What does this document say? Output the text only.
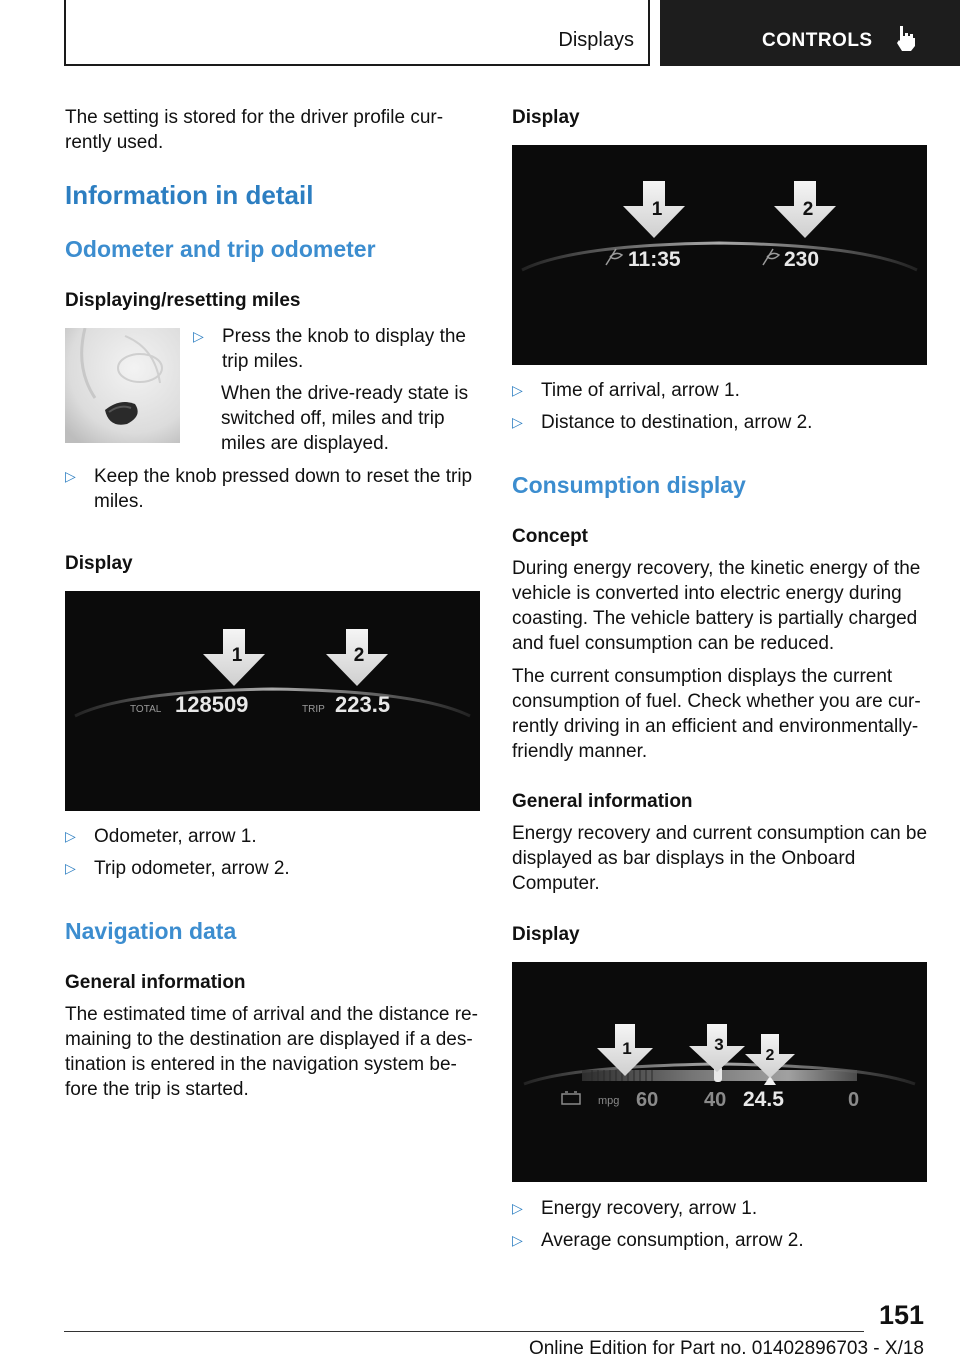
Displays	CONTROLS
The setting is stored for the driver profile cur-rently used.
Information in detail
Odometer and trip odometer
Displaying/resetting miles
▷ Press the knob to display the trip miles.
When the drive-ready state is switched off, miles and trip miles are displayed.
▷ Keep the knob pressed down to reset the trip miles.
Display
1	2
TOTAL 128509	TRIP 223.5
▷ Odometer, arrow 1.
▷ Trip odometer, arrow 2.
Navigation data
General information
The estimated time of arrival and the distance re-maining to the destination are displayed if a des-tination is entered in the navigation system be-fore the trip is started.
Display
1	2
11:35	230
▷ Time of arrival, arrow 1.
▷ Distance to destination, arrow 2.
Consumption display
Concept
During energy recovery, the kinetic energy of the vehicle is converted into electric energy during coasting. The vehicle battery is partially charged and fuel consumption can be reduced.
The current consumption displays the current consumption of fuel. Check whether you are cur-rently driving in an efficient and environmentally-friendly manner.
General information
Energy recovery and current consumption can be displayed as bar displays in the Onboard Computer.
Display
1	3
2
mpg 60 40 24.5	0
▷ Energy recovery, arrow 1.
▷ Average consumption, arrow 2.
151
Online Edition for Part no. 01402896703 - X/18
